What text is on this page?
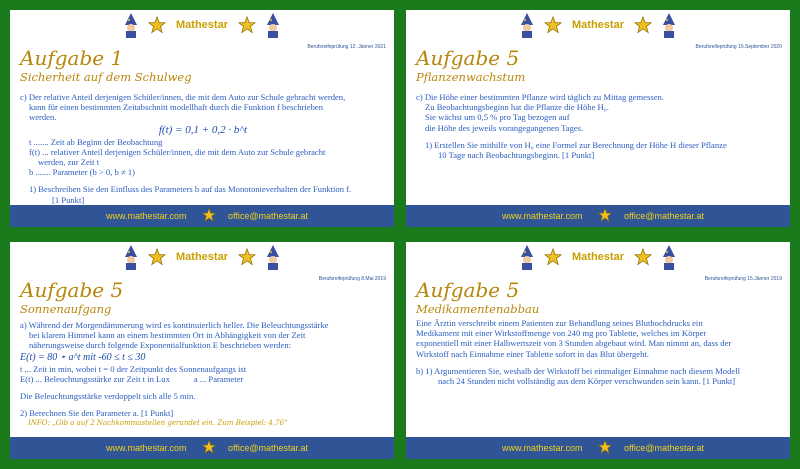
Mathestar
Berufsreifeprüfung 12. Jänner 2021
Aufgabe 1
Sicherheit auf dem Schulweg

c) Der relative Anteil derjenigen Schüler/innen, die mit dem Auto zur Schule gebracht werden,

kann für einen bestimmten Zeitabschnitt modellhaft durch die Funktion f beschrieben

werden.

f(t) = 0,1 + 0,2 · b^t

t ....... Zeit ab Beginn der Beobachtung

f(t) ... relativer Anteil derjenigen Schüler/innen, die mit dem Auto zur Schule gebracht

werden, zur Zeit t

b ....... Parameter (b > 0, b ≠ 1)

1) Beschreiben Sie den Einfluss des Parameters b auf das Monotonieverhalten der Funktion f.

[1 Punkt]

www.mathestar.com	office@mathestar.at
Mathestar
Berufsreifeprüfung 16.September 2020
Aufgabe 5
Pflanzenwachstum

c) Die Höhe einer bestimmten Pflanze wird täglich zu Mittag gemessen.

Zu Beobachtungsbeginn hat die Pflanze die Höhe H₀.

Sie wächst um 0,5 % pro Tag bezogen auf

die Höhe des jeweils vorangegangenen Tages.

1) Erstellen Sie mithilfe von H₀ eine Formel zur Berechnung der Höhe H dieser Pflanze

10 Tage nach Beobachtungsbeginn. [1 Punkt]

www.mathestar.com	office@mathestar.at
Mathestar
Berufsreifeprüfung 8.Mai 2019
Aufgabe 5
Sonnenaufgang

a) Während der Morgendämmerung wird es kontinuierlich heller. Die Beleuchtungsstärke

bei klarem Himmel kann an einem bestimmten Ort in Abhängigkeit von der Zeit

näherungsweise durch folgende Exponentialfunktion E beschrieben werden:

E(t) = 80 ⋆ a^t mit -60 ≤ t ≤ 30

t ... Zeit in min, wobei t = 0 der Zeitpunkt des Sonnenaufgangs ist

E(t) ... Beleuchtungsstärke zur Zeit t in Lux	a ... Parameter

Die Beleuchtungsstärke verdoppelt sich alle 5 min.

2) Berechnen Sie den Parameter a. [1 Punkt]

INFO: „Gib a auf 2 Nachkommastellen gerundet ein. Zum Beispiel: 4,76“

www.mathestar.com	office@mathestar.at
Mathestar
Berufsreifeprüfung 15.Jänner 2019
Aufgabe 5
Medikamentenabbau

Eine Ärztin verschreibt einem Patienten zur Behandlung seines Bluthochdrucks ein

Medikament mit einer Wirkstoffmenge von 240 mg pro Tablette, welches im Körper

exponentiell mit einer Halbwertszeit von 3 Stunden abgebaut wird. Man nimmt an, dass der

Wirkstoff nach Einnahme einer Tablette sofort in das Blut übergeht.

b) 1) Argumentieren Sie, weshalb der Wirkstoff bei einmaliger Einnahme nach diesem Modell

nach 24 Stunden nicht vollständig aus dem Körper verschwunden sein kann. [1 Punkt]

www.mathestar.com	office@mathestar.at
